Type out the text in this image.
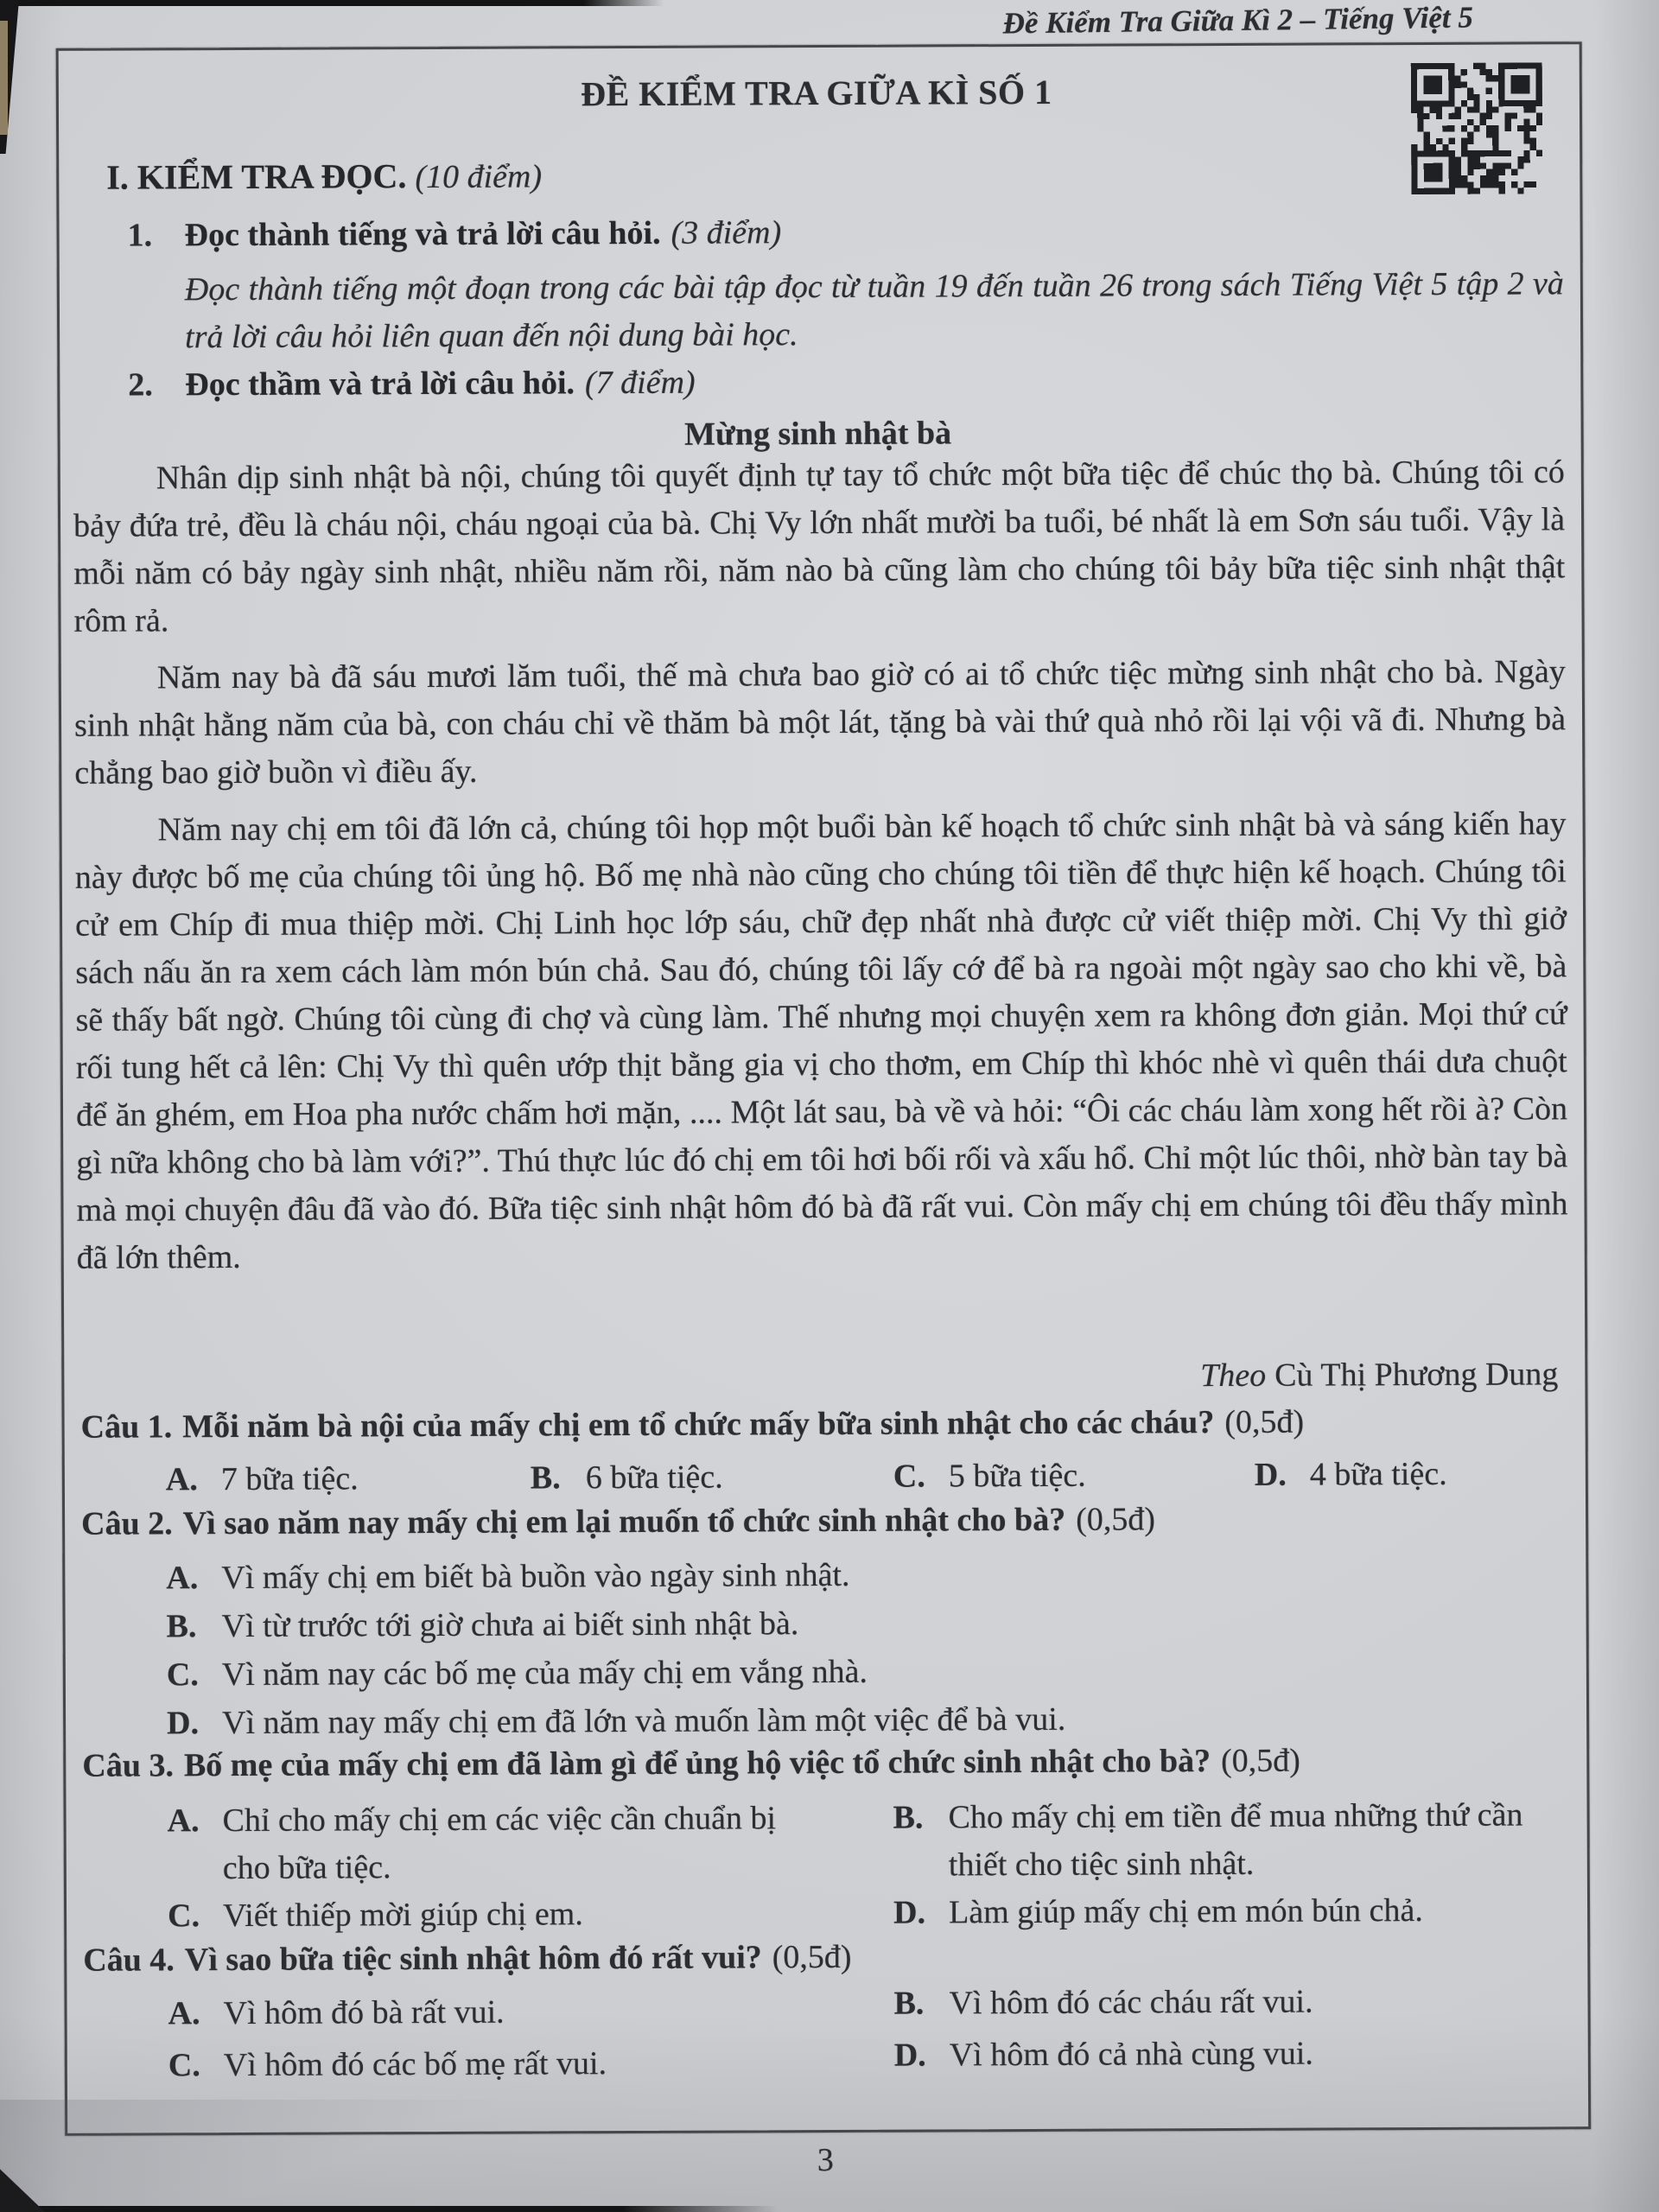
Đề Kiểm Tra Giữa Kì 2 – Tiếng Việt 5
ĐỀ KIỂM TRA GIỮA KÌ SỐ 1
I. KIỂM TRA ĐỌC. (10 điểm)
1. Đọc thành tiếng và trả lời câu hỏi. (3 điểm)
Đọc thành tiếng một đoạn trong các bài tập đọc từ tuần 19 đến tuần 26 trong sách Tiếng Việt 5 tập 2 và trả lời câu hỏi liên quan đến nội dung bài học.
2. Đọc thầm và trả lời câu hỏi. (7 điểm)
Mừng sinh nhật bà

Nhân dịp sinh nhật bà nội, chúng tôi quyết định tự tay tổ chức một bữa tiệc để chúc thọ bà. Chúng tôi có bảy đứa trẻ, đều là cháu nội, cháu ngoại của bà. Chị Vy lớn nhất mười ba tuổi, bé nhất là em Sơn sáu tuổi. Vậy là mỗi năm có bảy ngày sinh nhật, nhiều năm rồi, năm nào bà cũng làm cho chúng tôi bảy bữa tiệc sinh nhật thật rôm rả.

Năm nay bà đã sáu mươi lăm tuổi, thế mà chưa bao giờ có ai tổ chức tiệc mừng sinh nhật cho bà. Ngày sinh nhật hằng năm của bà, con cháu chỉ về thăm bà một lát, tặng bà vài thứ quà nhỏ rồi lại vội vã đi. Nhưng bà chẳng bao giờ buồn vì điều ấy.

Năm nay chị em tôi đã lớn cả, chúng tôi họp một buổi bàn kế hoạch tổ chức sinh nhật bà và sáng kiến hay này được bố mẹ của chúng tôi ủng hộ. Bố mẹ nhà nào cũng cho chúng tôi tiền để thực hiện kế hoạch. Chúng tôi cử em Chíp đi mua thiệp mời. Chị Linh học lớp sáu, chữ đẹp nhất nhà được cử viết thiệp mời. Chị Vy thì giở sách nấu ăn ra xem cách làm món bún chả. Sau đó, chúng tôi lấy cớ để bà ra ngoài một ngày sao cho khi về, bà sẽ thấy bất ngờ. Chúng tôi cùng đi chợ và cùng làm. Thế nhưng mọi chuyện xem ra không đơn giản. Mọi thứ cứ rối tung hết cả lên: Chị Vy thì quên ướp thịt bằng gia vị cho thơm, em Chíp thì khóc nhè vì quên thái dưa chuột để ăn ghém, em Hoa pha nước chấm hơi mặn, .... Một lát sau, bà về và hỏi: “Ôi các cháu làm xong hết rồi à? Còn gì nữa không cho bà làm với?”. Thú thực lúc đó chị em tôi hơi bối rối và xấu hổ. Chỉ một lúc thôi, nhờ bàn tay bà mà mọi chuyện đâu đã vào đó. Bữa tiệc sinh nhật hôm đó bà đã rất vui. Còn mấy chị em chúng tôi đều thấy mình đã lớn thêm.

Theo Cù Thị Phương Dung
Câu 1. Mỗi năm bà nội của mấy chị em tổ chức mấy bữa sinh nhật cho các cháu? (0,5đ)
A. 7 bữa tiệc.	B. 6 bữa tiệc.	C. 5 bữa tiệc.	D. 4 bữa tiệc.
Câu 2. Vì sao năm nay mấy chị em lại muốn tổ chức sinh nhật cho bà? (0,5đ)
A. Vì mấy chị em biết bà buồn vào ngày sinh nhật.
B. Vì từ trước tới giờ chưa ai biết sinh nhật bà.
C. Vì năm nay các bố mẹ của mấy chị em vắng nhà.
D. Vì năm nay mấy chị em đã lớn và muốn làm một việc để bà vui.
Câu 3. Bố mẹ của mấy chị em đã làm gì để ủng hộ việc tổ chức sinh nhật cho bà? (0,5đ)
A. Chỉ cho mấy chị em các việc cần chuẩn bị cho bữa tiệc.
C. Viết thiếp mời giúp chị em.
B. Cho mấy chị em tiền để mua những thứ cần thiết cho tiệc sinh nhật.
D. Làm giúp mấy chị em món bún chả.
Câu 4. Vì sao bữa tiệc sinh nhật hôm đó rất vui? (0,5đ)
A. Vì hôm đó bà rất vui.
C. Vì hôm đó các bố mẹ rất vui.
B. Vì hôm đó các cháu rất vui.
D. Vì hôm đó cả nhà cùng vui.
3
